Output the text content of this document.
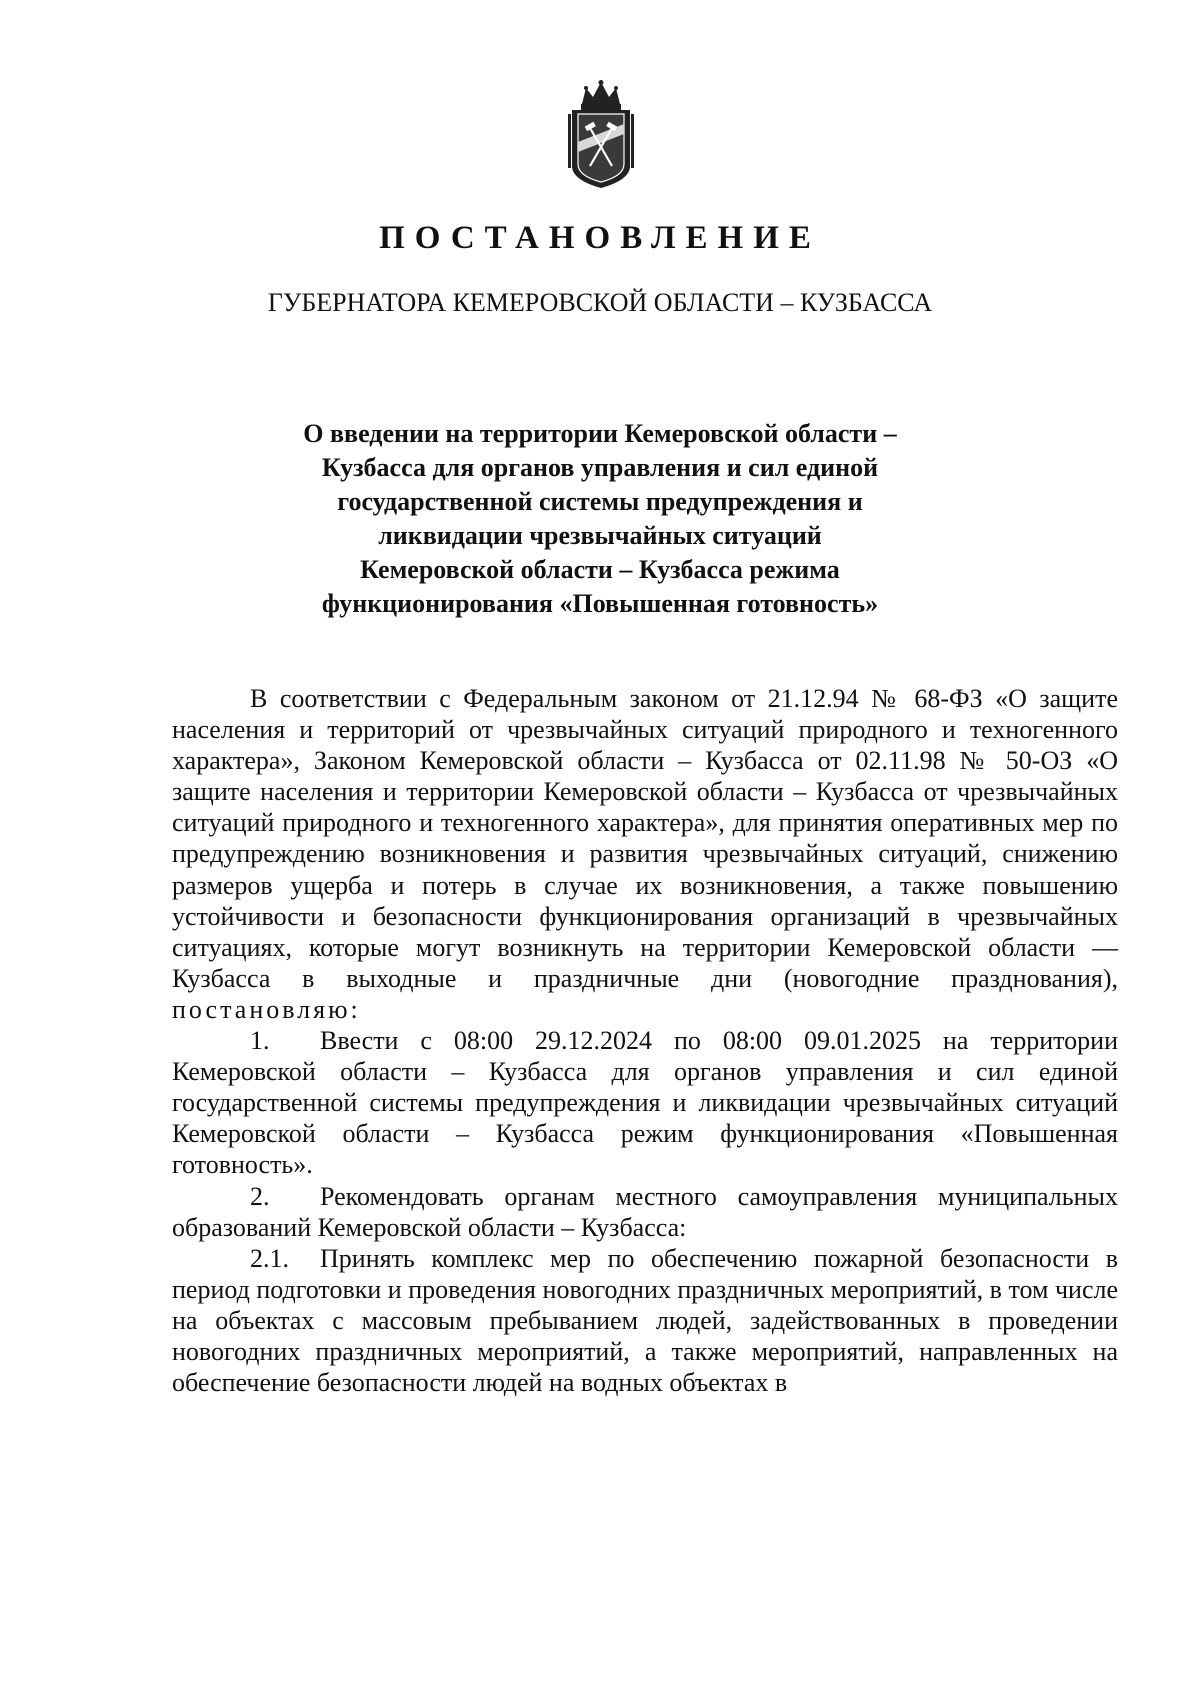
ПОСТАНОВЛЕНИЕ
ГУБЕРНАТОРА КЕМЕРОВСКОЙ ОБЛАСТИ – КУЗБАССА

О введении на территории Кемеровской области – Кузбасса для органов управления и сил единой государственной системы предупреждения и ликвидации чрезвычайных ситуаций Кемеровской области – Кузбасса режима функционирования «Повышенная готовность»

В соответствии с Федеральным законом от 21.12.94 № 68-ФЗ «О защите населения и территорий от чрезвычайных ситуаций природного и техногенного характера», Законом Кемеровской области – Кузбасса от 02.11.98 № 50-ОЗ «О защите населения и территории Кемеровской области – Кузбасса от чрезвычайных ситуаций природного и техногенного характера», для принятия оперативных мер по предупреждению возникновения и развития чрезвычайных ситуаций, снижению размеров ущерба и потерь в случае их возникновения, а также повышению устойчивости и безопасности функционирования организаций в чрезвычайных ситуациях, которые могут возникнуть на территории Кемеровской области — Кузбасса в выходные и праздничные дни (новогодние празднования), постановляю:

1. Ввести с 08:00 29.12.2024 по 08:00 09.01.2025 на территории Кемеровской области – Кузбасса для органов управления и сил единой государственной системы предупреждения и ликвидации чрезвычайных ситуаций Кемеровской области – Кузбасса режим функционирования «Повышенная готовность».

2. Рекомендовать органам местного самоуправления муниципальных образований Кемеровской области – Кузбасса:

2.1. Принять комплекс мер по обеспечению пожарной безопасности в период подготовки и проведения новогодних праздничных мероприятий, в том числе на объектах с массовым пребыванием людей, задействованных в проведении новогодних праздничных мероприятий, а также мероприятий, направленных на обеспечение безопасности людей на водных объектах в
